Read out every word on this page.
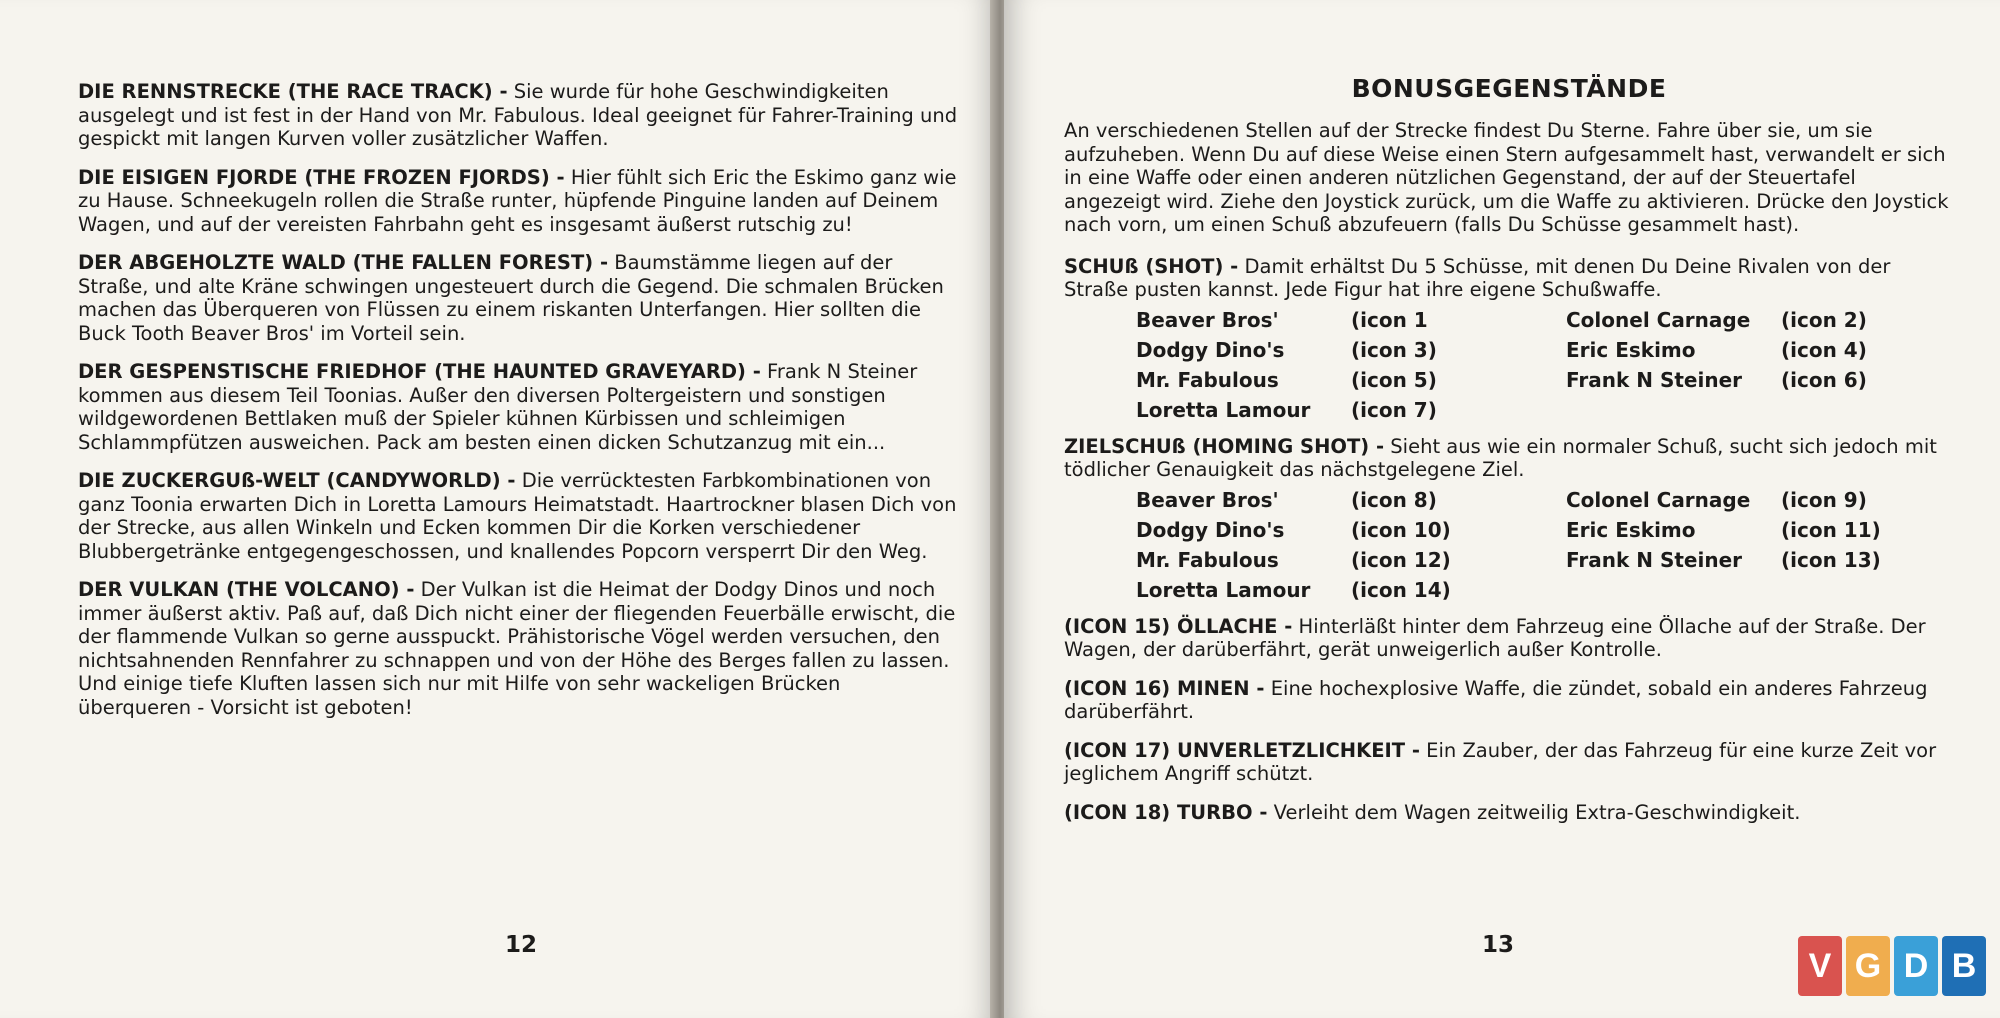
DIE RENNSTRECKE (THE RACE TRACK) - Sie wurde für hohe Geschwindigkeiten ausgelegt und ist fest in der Hand von Mr. Fabulous. Ideal geeignet für Fahrer-Training und gespickt mit langen Kurven voller zusätzlicher Waffen.

DIE EISIGEN FJORDE (THE FROZEN FJORDS) - Hier fühlt sich Eric the Eskimo ganz wie zu Hause. Schneekugeln rollen die Straße runter, hüpfende Pinguine landen auf Deinem Wagen, und auf der vereisten Fahrbahn geht es insgesamt äußerst rutschig zu!

DER ABGEHOLZTE WALD (THE FALLEN FOREST) - Baumstämme liegen auf der Straße, und alte Kräne schwingen ungesteuert durch die Gegend. Die schmalen Brücken machen das Überqueren von Flüssen zu einem riskanten Unterfangen. Hier sollten die Buck Tooth Beaver Bros' im Vorteil sein.

DER GESPENSTISCHE FRIEDHOF (THE HAUNTED GRAVEYARD) - Frank N Steiner kommen aus diesem Teil Toonias. Außer den diversen Poltergeistern und sonstigen wildgewordenen Bettlaken muß der Spieler kühnen Kürbissen und schleimigen Schlammpfützen ausweichen. Pack am besten einen dicken Schutzanzug mit ein...

DIE ZUCKERGUß-WELT (CANDYWORLD) - Die verrücktesten Farbkombinationen von ganz Toonia erwarten Dich in Loretta Lamours Heimatstadt. Haartrockner blasen Dich von der Strecke, aus allen Winkeln und Ecken kommen Dir die Korken verschiedener Blubbergetränke entgegengeschossen, und knallendes Popcorn versperrt Dir den Weg.

DER VULKAN (THE VOLCANO) - Der Vulkan ist die Heimat der Dodgy Dinos und noch immer äußerst aktiv. Paß auf, daß Dich nicht einer der fliegenden Feuerbälle erwischt, die der flammende Vulkan so gerne ausspuckt. Prähistorische Vögel werden versuchen, den nichtsahnenden Rennfahrer zu schnappen und von der Höhe des Berges fallen zu lassen. Und einige tiefe Kluften lassen sich nur mit Hilfe von sehr wackeligen Brücken überqueren - Vorsicht ist geboten!

12
BONUSGEGENSTÄNDE

An verschiedenen Stellen auf der Strecke findest Du Sterne. Fahre über sie, um sie aufzuheben. Wenn Du auf diese Weise einen Stern aufgesammelt hast, verwandelt er sich in eine Waffe oder einen anderen nützlichen Gegenstand, der auf der Steuertafel angezeigt wird. Ziehe den Joystick zurück, um die Waffe zu aktivieren. Drücke den Joystick nach vorn, um einen Schuß abzufeuern (falls Du Schüsse gesammelt hast).

SCHUß (SHOT) - Damit erhältst Du 5 Schüsse, mit denen Du Deine Rivalen von der Straße pusten kannst. Jede Figur hat ihre eigene Schußwaffe.

Beaver Bros'	(icon 1	Colonel Carnage	(icon 2)
Dodgy Dino's	(icon 3)	Eric Eskimo	(icon 4)
Mr. Fabulous	(icon 5)	Frank N Steiner	(icon 6)
Loretta Lamour	(icon 7)

ZIELSCHUß (HOMING SHOT) - Sieht aus wie ein normaler Schuß, sucht sich jedoch mit tödlicher Genauigkeit das nächstgelegene Ziel.

Beaver Bros'	(icon 8)	Colonel Carnage	(icon 9)
Dodgy Dino's	(icon 10)	Eric Eskimo	(icon 11)
Mr. Fabulous	(icon 12)	Frank N Steiner	(icon 13)
Loretta Lamour	(icon 14)

(ICON 15) ÖLLACHE - Hinterläßt hinter dem Fahrzeug eine Öllache auf der Straße. Der Wagen, der darüberfährt, gerät unweigerlich außer Kontrolle.

(ICON 16) MINEN - Eine hochexplosive Waffe, die zündet, sobald ein anderes Fahrzeug darüberfährt.

(ICON 17) UNVERLETZLICHKEIT - Ein Zauber, der das Fahrzeug für eine kurze Zeit vor jeglichem Angriff schützt.

(ICON 18) TURBO - Verleiht dem Wagen zeitweilig Extra-Geschwindigkeit.

13
V G D B
